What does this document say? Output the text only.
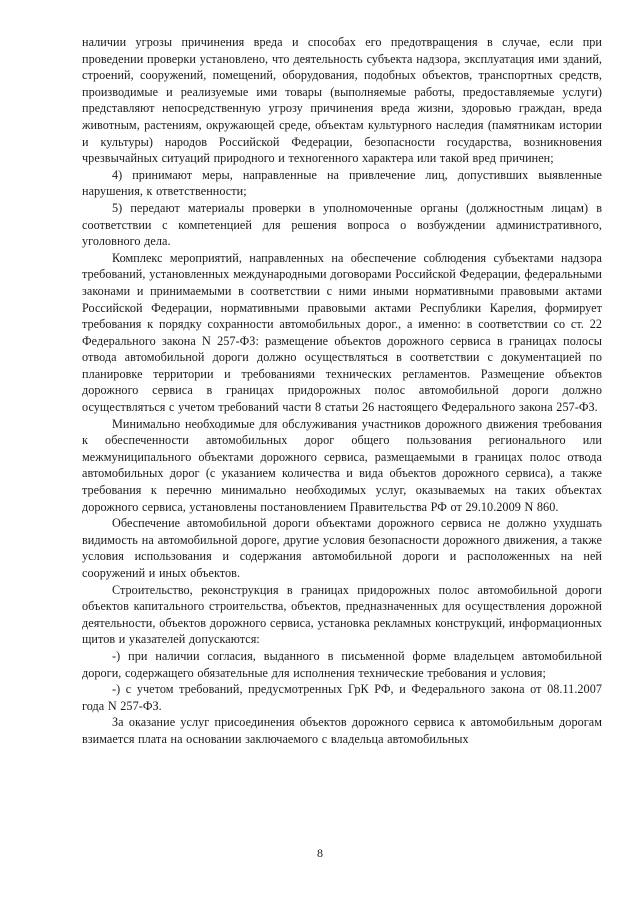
наличии угрозы причинения вреда и способах его предотвращения в случае, если при проведении проверки установлено, что деятельность субъекта надзора, эксплуатация ими зданий, строений, сооружений, помещений, оборудования, подобных объектов, транспортных средств, производимые и реализуемые ими товары (выполняемые работы, предоставляемые услуги) представляют непосредственную угрозу причинения вреда жизни, здоровью граждан, вреда животным, растениям, окружающей среде, объектам культурного наследия (памятникам истории и культуры) народов Российской Федерации, безопасности государства, возникновения чрезвычайных ситуаций природного и техногенного характера или такой вред причинен;

4) принимают меры, направленные на привлечение лиц, допустивших выявленные нарушения, к ответственности;

5) передают материалы проверки в уполномоченные органы (должностным лицам) в соответствии с компетенцией для решения вопроса о возбуждении административного, уголовного дела.

Комплекс мероприятий, направленных на обеспечение соблюдения субъектами надзора требований, установленных международными договорами Российской Федерации, федеральными законами и принимаемыми в соответствии с ними иными нормативными правовыми актами Российской Федерации, нормативными правовыми актами Республики Карелия, формирует требования к порядку сохранности автомобильных дорог., а именно: в соответствии со ст. 22 Федерального закона N 257-ФЗ: размещение объектов дорожного сервиса в границах полосы отвода автомобильной дороги должно осуществляться в соответствии с документацией по планировке территории и требованиями технических регламентов. Размещение объектов дорожного сервиса в границах придорожных полос автомобильной дороги должно осуществляться с учетом требований части 8 статьи 26 настоящего Федерального закона 257-ФЗ.

Минимально необходимые для обслуживания участников дорожного движения требования к обеспеченности автомобильных дорог общего пользования регионального или межмуниципального объектами дорожного сервиса, размещаемыми в границах полос отвода автомобильных дорог (с указанием количества и вида объектов дорожного сервиса), а также требования к перечню минимально необходимых услуг, оказываемых на таких объектах дорожного сервиса, установлены постановлением Правительства РФ от 29.10.2009 N 860.

Обеспечение автомобильной дороги объектами дорожного сервиса не должно ухудшать видимость на автомобильной дороге, другие условия безопасности дорожного движения, а также условия использования и содержания автомобильной дороги и расположенных на ней сооружений и иных объектов.

Строительство, реконструкция в границах придорожных полос автомобильной дороги объектов капитального строительства, объектов, предназначенных для осуществления дорожной деятельности, объектов дорожного сервиса, установка рекламных конструкций, информационных щитов и указателей допускаются:

-) при наличии согласия, выданного в письменной форме владельцем автомобильной дороги, содержащего обязательные для исполнения технические требования и условия;

-) с учетом требований, предусмотренных ГрК РФ, и Федерального закона от 08.11.2007 года N 257-ФЗ.

За оказание услуг присоединения объектов дорожного сервиса к автомобильным дорогам взимается плата на основании заключаемого с владельца автомобильных

8
